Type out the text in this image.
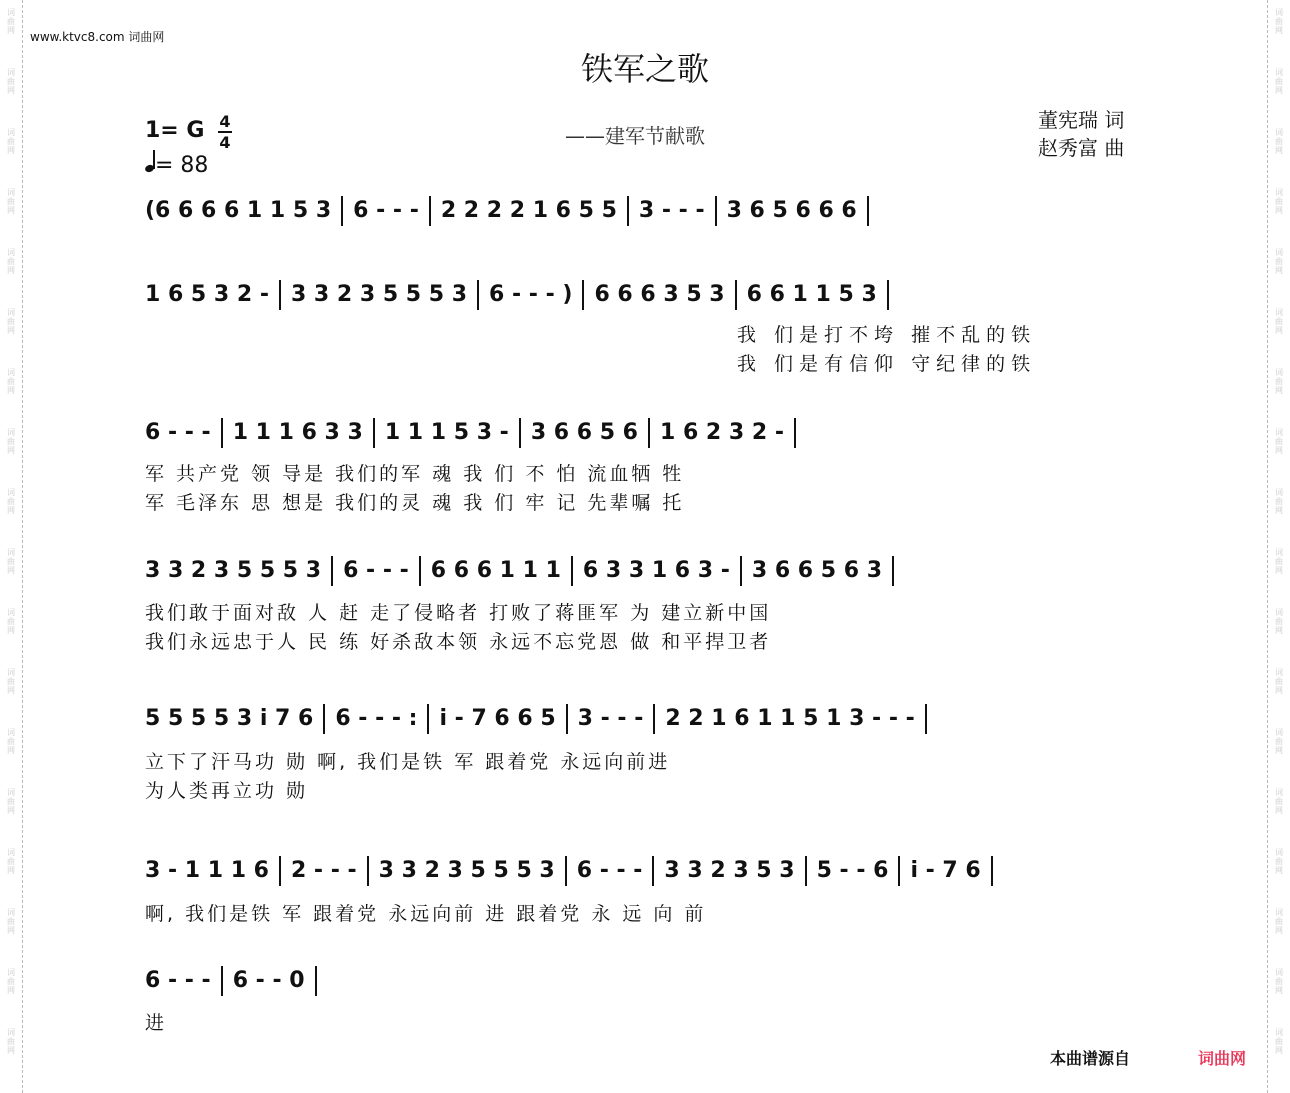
词
曲
网
词
曲
网
词
曲
网
词
曲
网
词
曲
网
词
曲
网
词
曲
网
词
曲
网
词
曲
网
词
曲
网
词
曲
网
词
曲
网
词
曲
网
词
曲
网
词
曲
网
词
曲
网
词
曲
网
词
曲
网
词
曲
网
词
曲
网
词
曲
网
词
曲
网
词
曲
网
词
曲
网
词
曲
网
词
曲
网
词
曲
网
词
曲
网
词
曲
网
词
曲
网
词
曲
网
词
曲
网
词
曲
网
词
曲
网
词
曲
网
词
曲
网
www.ktvc8.com 词曲网
铁军之歌
——建军节献歌
董宪瑞 词
赵秀富 曲
1= G 4
4
= 88
(6 6 6 6 1 1 5 3 6 - - - 2 2 2 2 1 6 5 5 3 - - - 3 6 5 6 6 6
1 6 5 3 2 - 3 3 2 3 5 5 5 3 6 - - - ) 6 6 6 3 5 3 6 6 1 1 5 3
6 - - - 1 1 1 6 3 3 1 1 1 5 3 - 3 6 6 5 6 1 6 2 3 2 -
3 3 2 3 5 5 5 3 6 - - - 6 6 6 1 1 1 6 3 3 1 6 3 - 3 6 6 5 6 3
5 5 5 5 3 i 7 6 6 - - - : i - 7 6 6 5 3 - - - 2 2 1 6 1 1 5 1 3 - - -
3 - 1 1 1 6 2 - - - 3 3 2 3 5 5 5 3 6 - - - 3 3 2 3 5 3 5 - - 6 i - 7 6
6 - - - 6 - - 0
我 们是打不垮 摧不乱的铁
我 们是有信仰 守纪律的铁
军 共产党 领 导是 我们的军 魂 我 们 不 怕 流血牺 牲
军 毛泽东 思 想是 我们的灵 魂 我 们 牢 记 先辈嘱 托
我们敢于面对敌 人 赶 走了侵略者 打败了蒋匪军 为 建立新中国
我们永远忠于人 民 练 好杀敌本领 永远不忘党恩 做 和平捍卫者
立下了汗马功 勋 啊, 我们是铁 军 跟着党 永远向前进
为人类再立功 勋
啊, 我们是铁 军 跟着党 永远向前 进 跟着党 永 远 向 前
进
本曲谱源自	词曲网
